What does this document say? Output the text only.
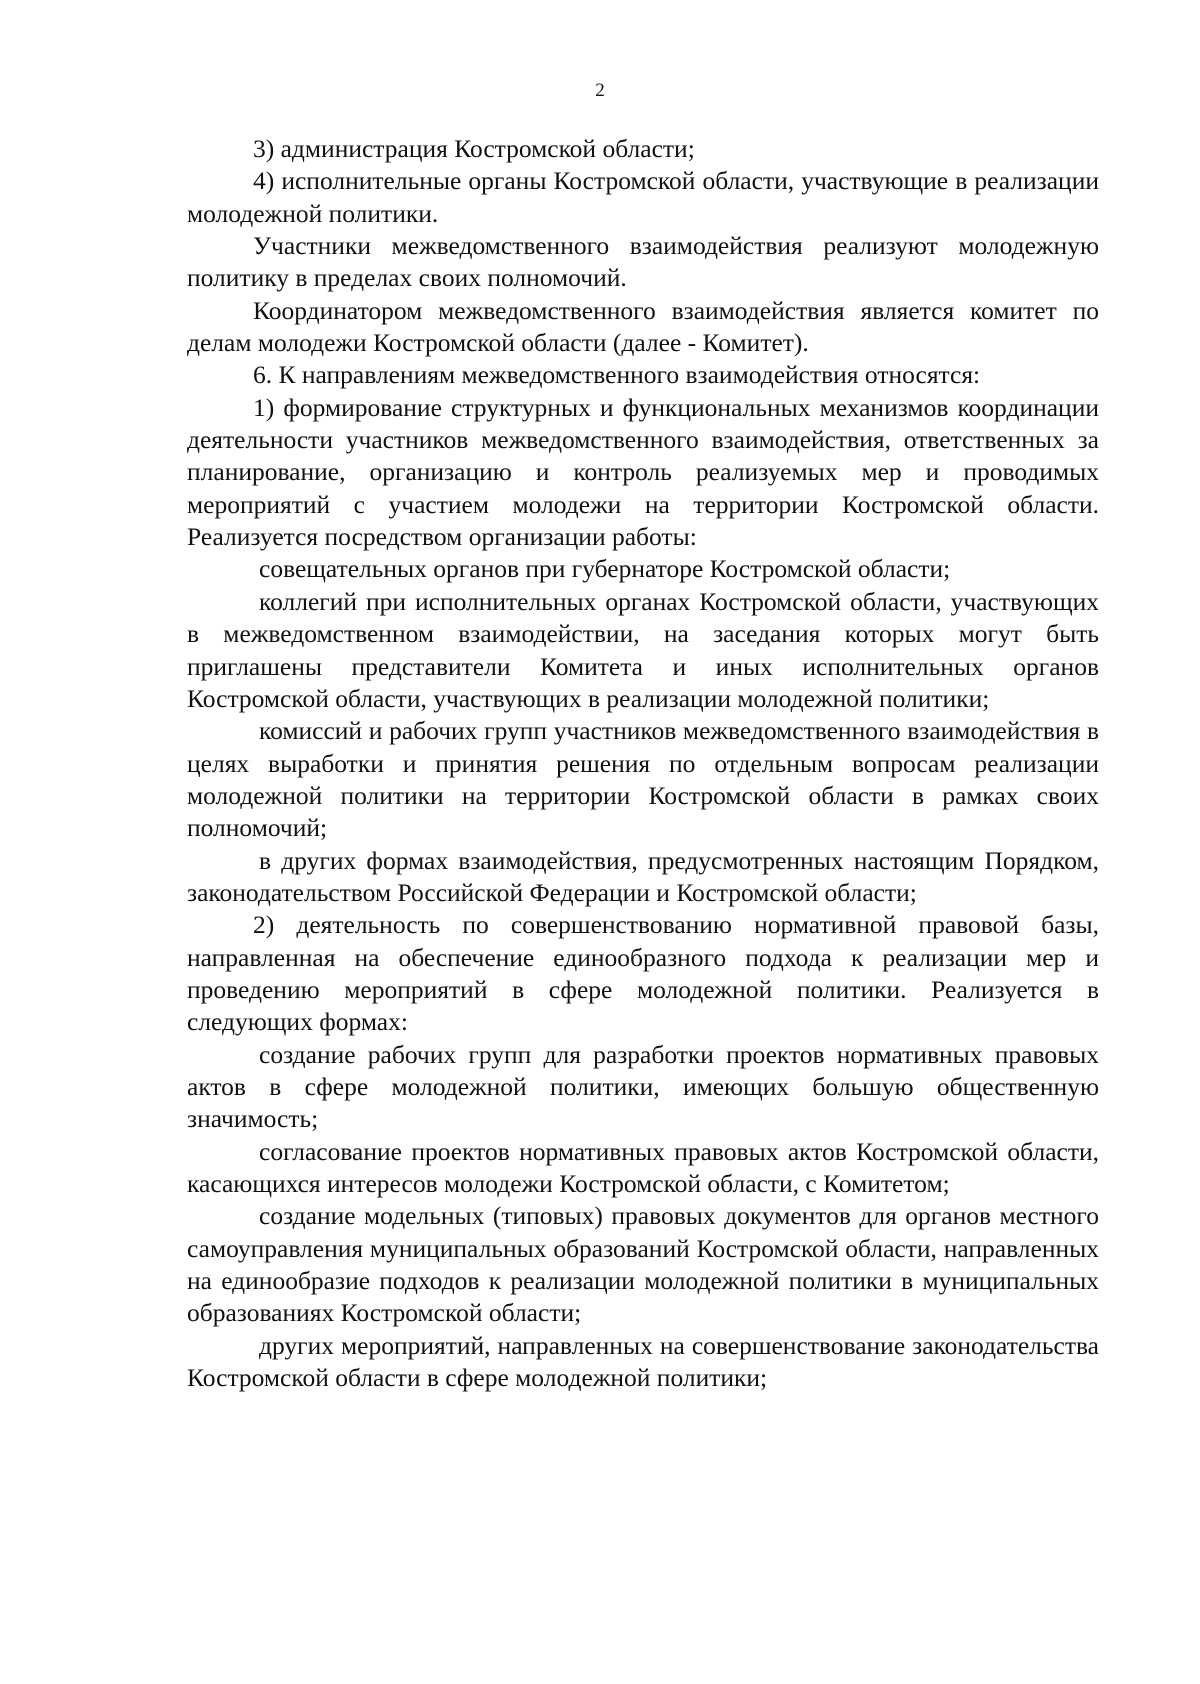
2

3) администрация Костромской области;

4) исполнительные органы Костромской области, участвующие в реализации молодежной политики.

Участники межведомственного взаимодействия реализуют молодежную политику в пределах своих полномочий.

Координатором межведомственного взаимодействия является комитет по делам молодежи Костромской области (далее - Комитет).

6. К направлениям межведомственного взаимодействия относятся:

1) формирование структурных и функциональных механизмов координации деятельности участников межведомственного взаимодействия, ответственных за планирование, организацию и контроль реализуемых мер и проводимых мероприятий с участием молодежи на территории Костромской области. Реализуется посредством организации работы:

совещательных органов при губернаторе Костромской области;

коллегий при исполнительных органах Костромской области, участвующих в межведомственном взаимодействии, на заседания которых могут быть приглашены представители Комитета и иных исполнительных органов Костромской области, участвующих в реализации молодежной политики;

комиссий и рабочих групп участников межведомственного взаимодействия в целях выработки и принятия решения по отдельным вопросам реализации молодежной политики на территории Костромской области в рамках своих полномочий;

в других формах взаимодействия, предусмотренных настоящим Порядком, законодательством Российской Федерации и Костромской области;

2) деятельность по совершенствованию нормативной правовой базы, направленная на обеспечение единообразного подхода к реализации мер и проведению мероприятий в сфере молодежной политики. Реализуется в следующих формах:

создание рабочих групп для разработки проектов нормативных правовых актов в сфере молодежной политики, имеющих большую общественную значимость;

согласование проектов нормативных правовых актов Костромской области, касающихся интересов молодежи Костромской области, с Комитетом;

создание модельных (типовых) правовых документов для органов местного самоуправления муниципальных образований Костромской области, направленных на единообразие подходов к реализации молодежной политики в муниципальных образованиях Костромской области;

других мероприятий, направленных на совершенствование законодательства Костромской области в сфере молодежной политики;
